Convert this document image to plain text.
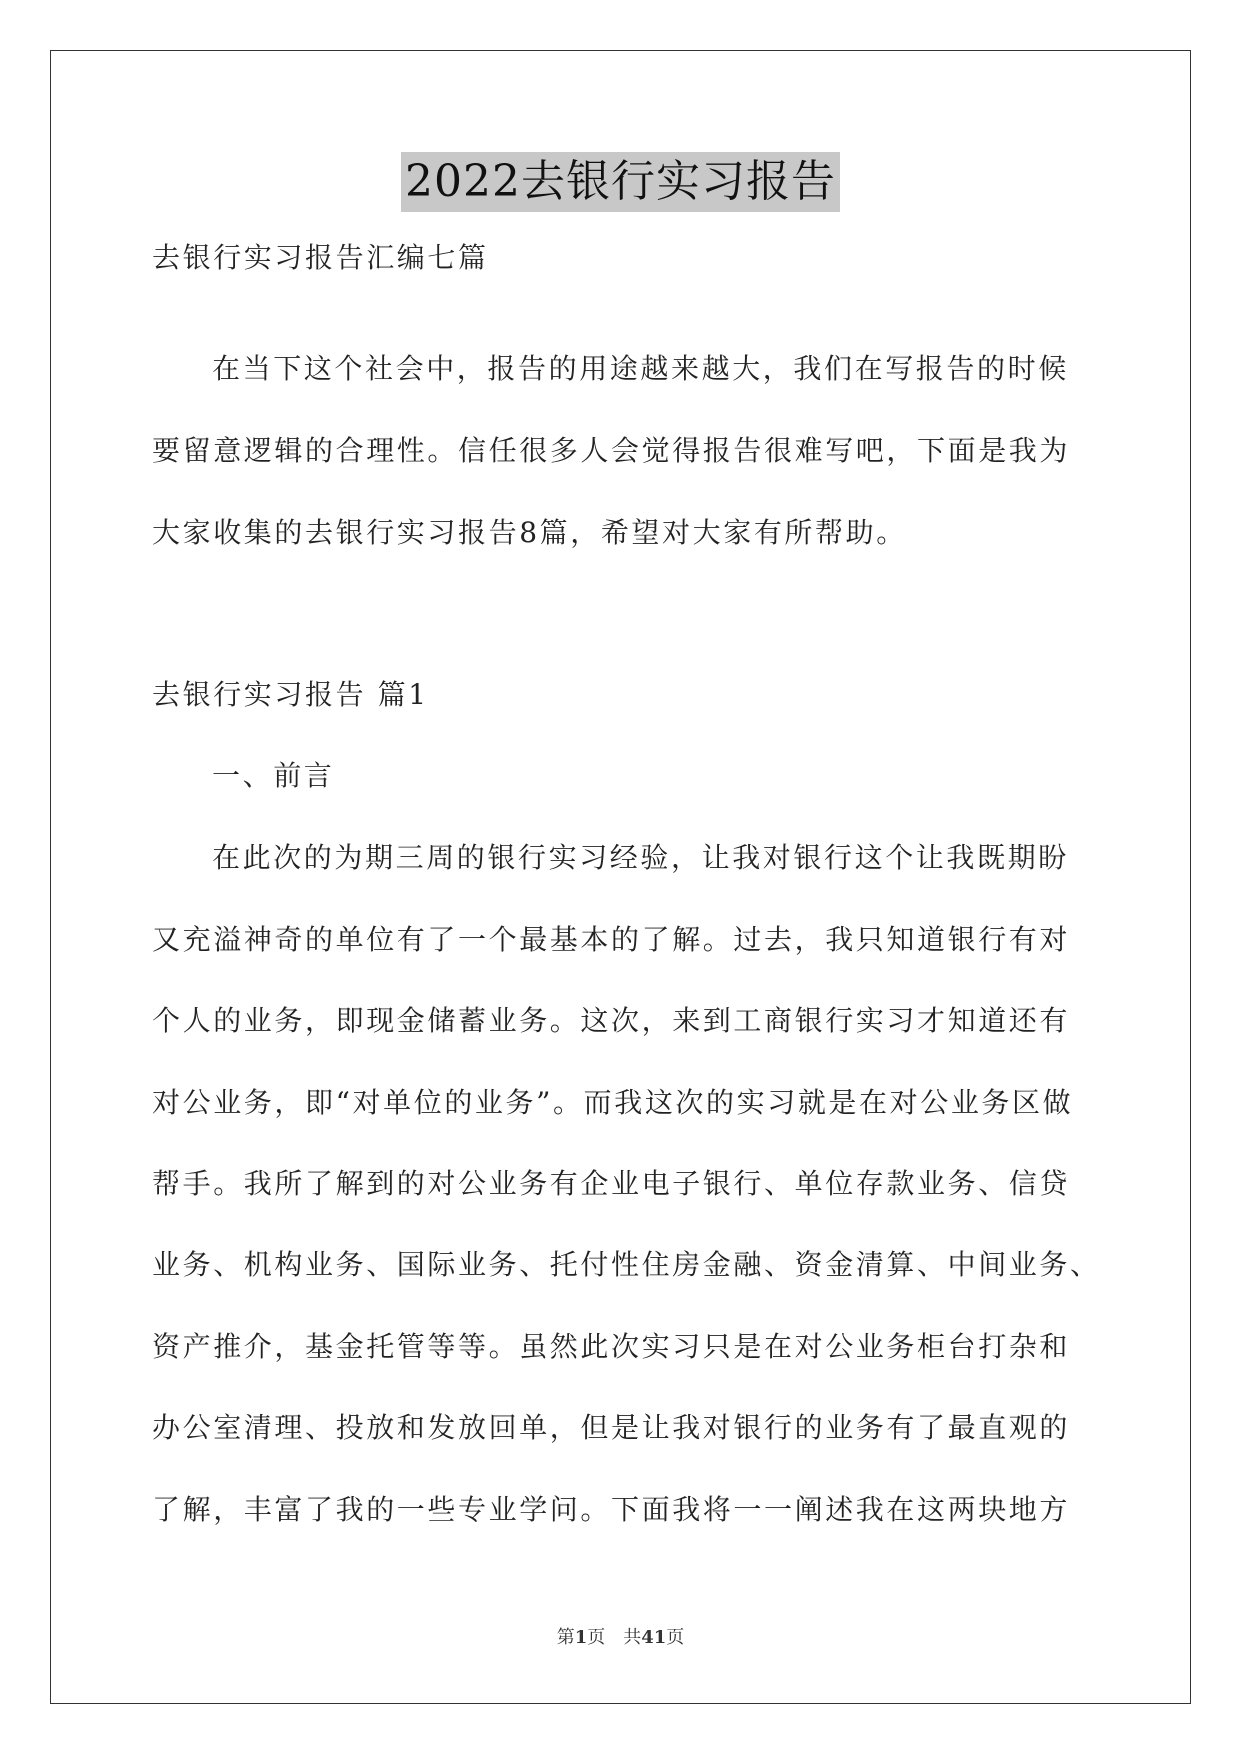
2022去银行实习报告
去银行实习报告汇编七篇
在当下这个社会中，报告的用途越来越大，我们在写报告的时候
要留意逻辑的合理性。信任很多人会觉得报告很难写吧，下面是我为
大家收集的去银行实习报告8篇，希望对大家有所帮助。
去银行实习报告 篇1
一、前言
在此次的为期三周的银行实习经验，让我对银行这个让我既期盼
又充溢神奇的单位有了一个最基本的了解。过去，我只知道银行有对
个人的业务，即现金储蓄业务。这次，来到工商银行实习才知道还有
对公业务，即“对单位的业务”。而我这次的实习就是在对公业务区做
帮手。我所了解到的对公业务有企业电子银行、单位存款业务、信贷
业务、机构业务、国际业务、托付性住房金融、资金清算、中间业务、
资产推介，基金托管等等。虽然此次实习只是在对公业务柜台打杂和
办公室清理、投放和发放回单，但是让我对银行的业务有了最直观的
了解，丰富了我的一些专业学问。下面我将一一阐述我在这两块地方
第1页　共41页
